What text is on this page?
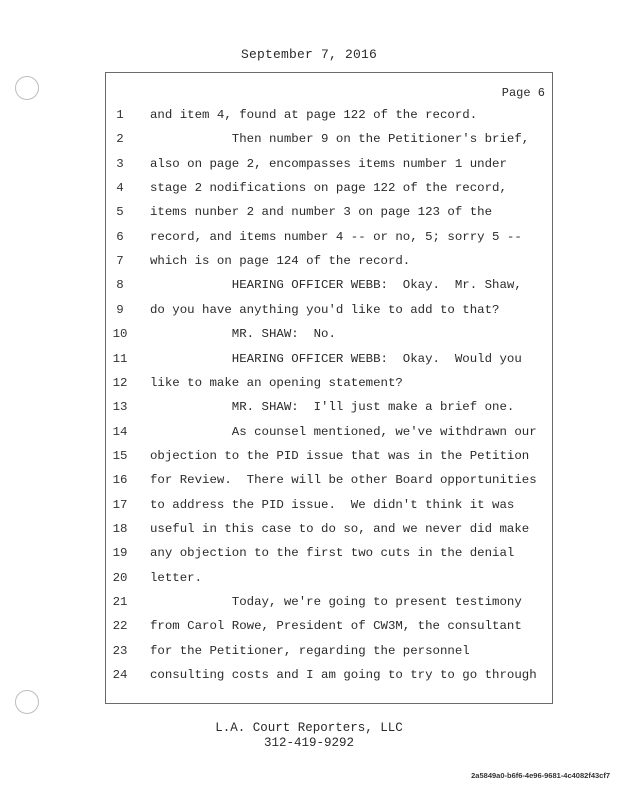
September 7, 2016
Page 6
1	and item 4, found at page 122 of the record.
2	Then number 9 on the Petitioner's brief,
3	also on page 2, encompasses items number 1 under
4	stage 2 nodifications on page 122 of the record,
5	items nunber 2 and number 3 on page 123 of the
6	record, and items number 4 -- or no, 5; sorry 5 --
7	which is on page 124 of the record.
8	HEARING OFFICER WEBB:  Okay.  Mr. Shaw,
9	do you have anything you'd like to add to that?
10	MR. SHAW:  No.
11	HEARING OFFICER WEBB:  Okay.  Would you
12	like to make an opening statement?
13	MR. SHAW:  I'll just make a brief one.
14	As counsel mentioned, we've withdrawn our
15	objection to the PID issue that was in the Petition
16	for Review.  There will be other Board opportunities
17	to address the PID issue.  We didn't think it was
18	useful in this case to do so, and we never did make
19	any objection to the first two cuts in the denial
20	letter.
21	Today, we're going to present testimony
22	from Carol Rowe, President of CW3M, the consultant
23	for the Petitioner, regarding the personnel
24	consulting costs and I am going to try to go through
L.A. Court Reporters, LLC
312-419-9292
2a5849a0-b6f6-4e96-9681-4c4082f43cf7
